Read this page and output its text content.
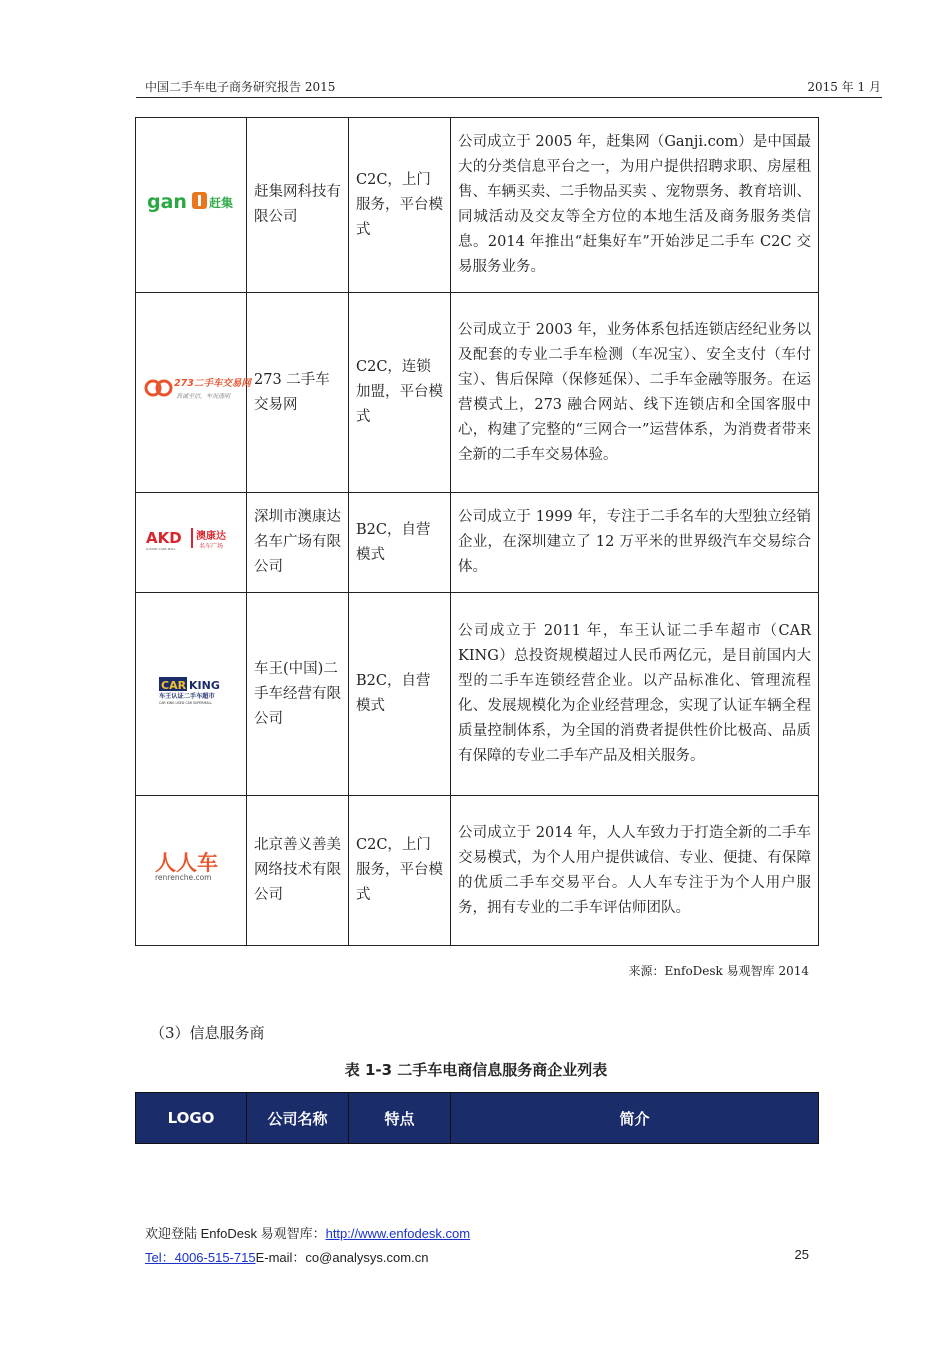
中国二手车电子商务研究报告 2015	2015 年 1 月
gan 赶集	赶集网科技有限公司	C2C，上门服务，平台模式	公司成立于 2005 年，赶集网（Ganji.com）是中国最大的分类信息平台之一，为用户提供招聘求职、房屋租售、车辆买卖、二手物品买卖 、宠物票务、教育培训、同城活动及交友等全方位的本地生活及商务服务类信息。2014 年推出“赶集好车”开始涉足二手车 C2C 交易服务业务。

273二手车交易网
真诚至信，车况透明	273 二手车交易网	C2C，连锁加盟，平台模式	公司成立于 2003 年，业务体系包括连锁店经纪业务以及配套的专业二手车检测（车况宝）、安全支付（车付宝）、售后保障（保修延保）、二手车金融等服务。在运营模式上，273 融合网站、线下连锁店和全国客服中心，构建了完整的“三网合一”运营体系，为消费者带来全新的二手车交易体验。

AKD
LUXURY CARS MALL
澳康达
名车广场	深圳市澳康达名车广场有限公司	B2C，自营模式	公司成立于 1999 年，专注于二手名车的大型独立经销企业，在深圳建立了 12 万平米的世界级汽车交易综合体。

CAR KING
车王认证二手车超市
CAR KING USED CAR SUPERMALL	车王(中国)二手车经营有限公司	B2C，自营模式	公司成立于 2011 年，车王认证二手车超市（CAR KING）总投资规模超过人民币两亿元，是目前国内大型的二手车连锁经营企业。以产品标准化、管理流程化、发展规模化为企业经营理念，实现了认证车辆全程质量控制体系，为全国的消费者提供性价比极高、品质有保障的专业二手车产品及相关服务。

人人车
renrenche.com	北京善义善美网络技术有限公司	C2C，上门服务，平台模式	公司成立于 2014 年，人人车致力于打造全新的二手车交易模式，为个人用户提供诚信、专业、便捷、有保障的优质二手车交易平台。人人车专注于为个人用户服务，拥有专业的二手车评估师团队。
来源：EnfoDesk 易观智库 2014
（3）信息服务商
表 1-3 二手车电商信息服务商企业列表
LOGO	公司名称	特点	简介
欢迎登陆 EnfoDesk 易观智库：http://www.enfodesk.com
Tel：4006-515-715E-mail：co@analysys.com.cn	25
